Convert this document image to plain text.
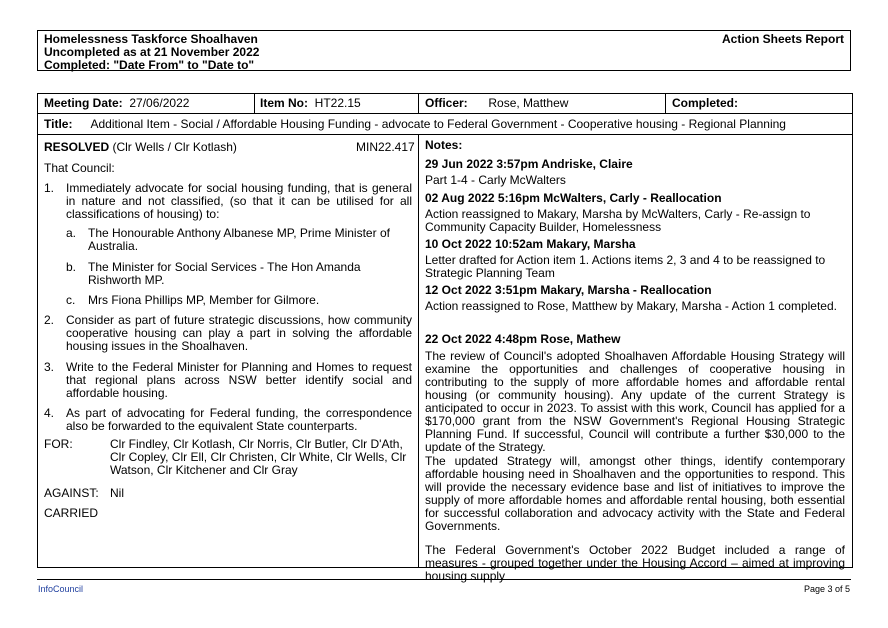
Homelessness Taskforce Shoalhaven
Uncompleted as at 21 November 2022
Completed: "Date From" to "Date to"
Action Sheets Report
Meeting Date: 27/06/2022	Item No: HT22.15	Officer: Rose, Matthew	Completed:
Title: Additional Item - Social / Affordable Housing Funding - advocate to Federal Government - Cooperative housing - Regional Planning
RESOLVED (Clr Wells / Clr Kotlash)	MIN22.417
That Council:
1. Immediately advocate for social housing funding, that is general in nature and not classified, (so that it can be utilised for all classifications of housing) to:
a. The Honourable Anthony Albanese MP, Prime Minister of Australia.
b. The Minister for Social Services - The Hon Amanda Rishworth MP.
c. Mrs Fiona Phillips MP, Member for Gilmore.
2. Consider as part of future strategic discussions, how community cooperative housing can play a part in solving the affordable housing issues in the Shoalhaven.
3. Write to the Federal Minister for Planning and Homes to request that regional plans across NSW better identify social and affordable housing.
4. As part of advocating for Federal funding, the correspondence also be forwarded to the equivalent State counterparts.
FOR:	Clr Findley, Clr Kotlash, Clr Norris, Clr Butler, Clr D'Ath, Clr Copley, Clr Ell, Clr Christen, Clr White, Clr Wells, Clr Watson, Clr Kitchener and Clr Gray
AGAINST: Nil
CARRIED
Notes:
29 Jun 2022 3:57pm Andriske, Claire
Part 1-4 - Carly McWalters
02 Aug 2022 5:16pm McWalters, Carly - Reallocation
Action reassigned to Makary, Marsha by McWalters, Carly - Re-assign to Community Capacity Builder, Homelessness
10 Oct 2022 10:52am Makary, Marsha
Letter drafted for Action item 1. Actions items 2, 3 and 4 to be reassigned to Strategic Planning Team
12 Oct 2022 3:51pm Makary, Marsha - Reallocation
Action reassigned to Rose, Matthew by Makary, Marsha - Action 1 completed.
22 Oct 2022 4:48pm Rose, Mathew
The review of Council's adopted Shoalhaven Affordable Housing Strategy will examine the opportunities and challenges of cooperative housing in contributing to the supply of more affordable homes and affordable rental housing (or community housing). Any update of the current Strategy is anticipated to occur in 2023. To assist with this work, Council has applied for a $170,000 grant from the NSW Government's Regional Housing Strategic Planning Fund. If successful, Council will contribute a further $30,000 to the update of the Strategy.
The updated Strategy will, amongst other things, identify contemporary affordable housing need in Shoalhaven and the opportunities to respond. This will provide the necessary evidence base and list of initiatives to improve the supply of more affordable homes and affordable rental housing, both essential for successful collaboration and advocacy activity with the State and Federal Governments.
The Federal Government's October 2022 Budget included a range of measures - grouped together under the Housing Accord – aimed at improving housing supply
InfoCouncil	Page 3 of 5
